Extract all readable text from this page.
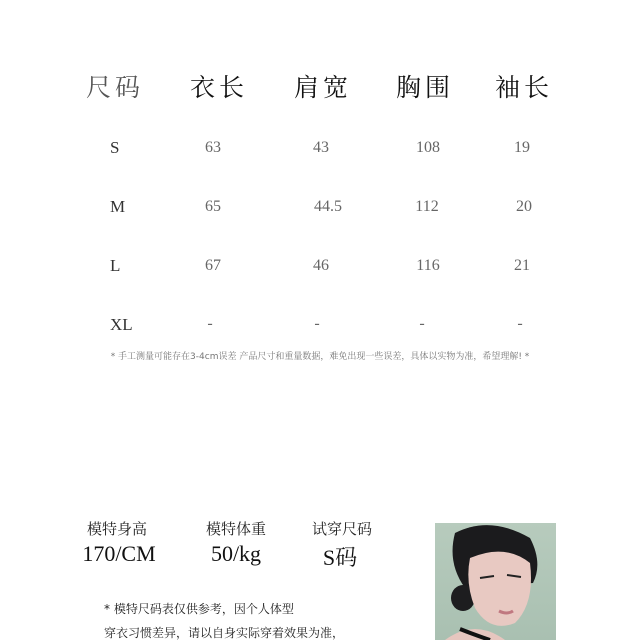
尺码 衣长 肩宽 胸围 袖长
S	63	43	108	19
M	65	44.5	112	20
L	67	46	116	21
XL	-	-	-	-
* 手工测量可能存在3-4cm误差 产品尺寸和重量数据，难免出现一些误差，具体以实物为准，希望理解! *
模特身高
170/CM
模特体重
50/kg
试穿尺码
S码
* 模特尺码表仅供参考，因个人体型
穿衣习惯差异，请以自身实际穿着效果为准，
